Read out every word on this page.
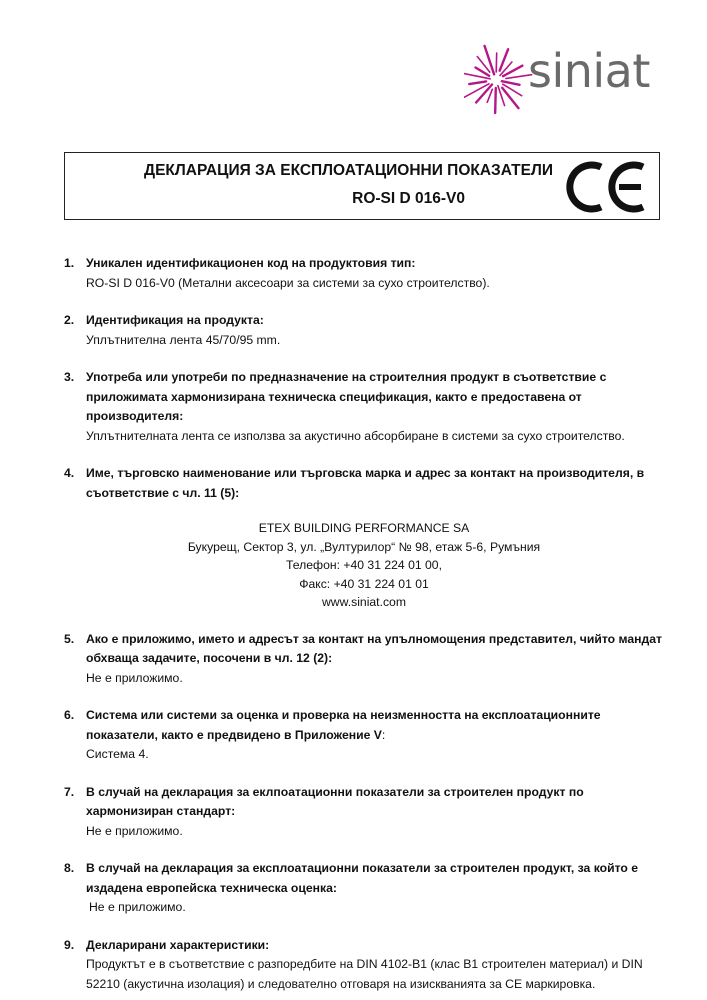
siniat
ДЕКЛАРАЦИЯ ЗА ЕКСПЛОАТАЦИОННИ ПОКАЗАТЕЛИ
RO-SI D 016-V0
1. Уникален идентификационен код на продуктовия тип:
RO-SI D 016-V0 (Метални аксесоари за системи за сухо строителство).
2. Идентификация на продукта:
Уплътнителна лента 45/70/95 mm.
3. Употреба или употреби по предназначение на строителния продукт в съответствие с приложимата хармонизирана техническа спецификация, както е предоставена от производителя:
Уплътнителната лента се използва за акустично абсорбиране в системи за сухо строителство.
4. Име, търговско наименование или търговска марка и адрес за контакт на производителя, в съответствие с чл. 11 (5):
ETEX BUILDING PERFORMANCE SA
Букурещ, Сектор 3, ул. „Вултурилор“ № 98, етаж 5-6, Румъния
Телефон: +40 31 224 01 00,
Факс: +40 31 224 01 01
www.siniat.com
5. Ако е приложимо, името и адресът за контакт на упълномощения представител, чийто мандат обхваща задачите, посочени в чл. 12 (2):
Не е приложимо.
6. Система или системи за оценка и проверка на неизменността на експлоатационните показатели, както е предвидено в Приложение V:
Система 4.
7. В случай на декларация за еклпоатационни показатели за строителен продукт по хармонизиран стандарт:
Не е приложимо.
8. В случай на декларация за експлоатационни показатели за строителен продукт, за който е издадена европейска техническа оценка:
Не е приложимо.
9. Декларирани характеристики:
Продуктът е в съответствие с разпоредбите на DIN 4102-B1 (клас B1 строителен материал) и DIN 52210 (акустична изолация) и следователно отговаря на изискванията за CE маркировка.
